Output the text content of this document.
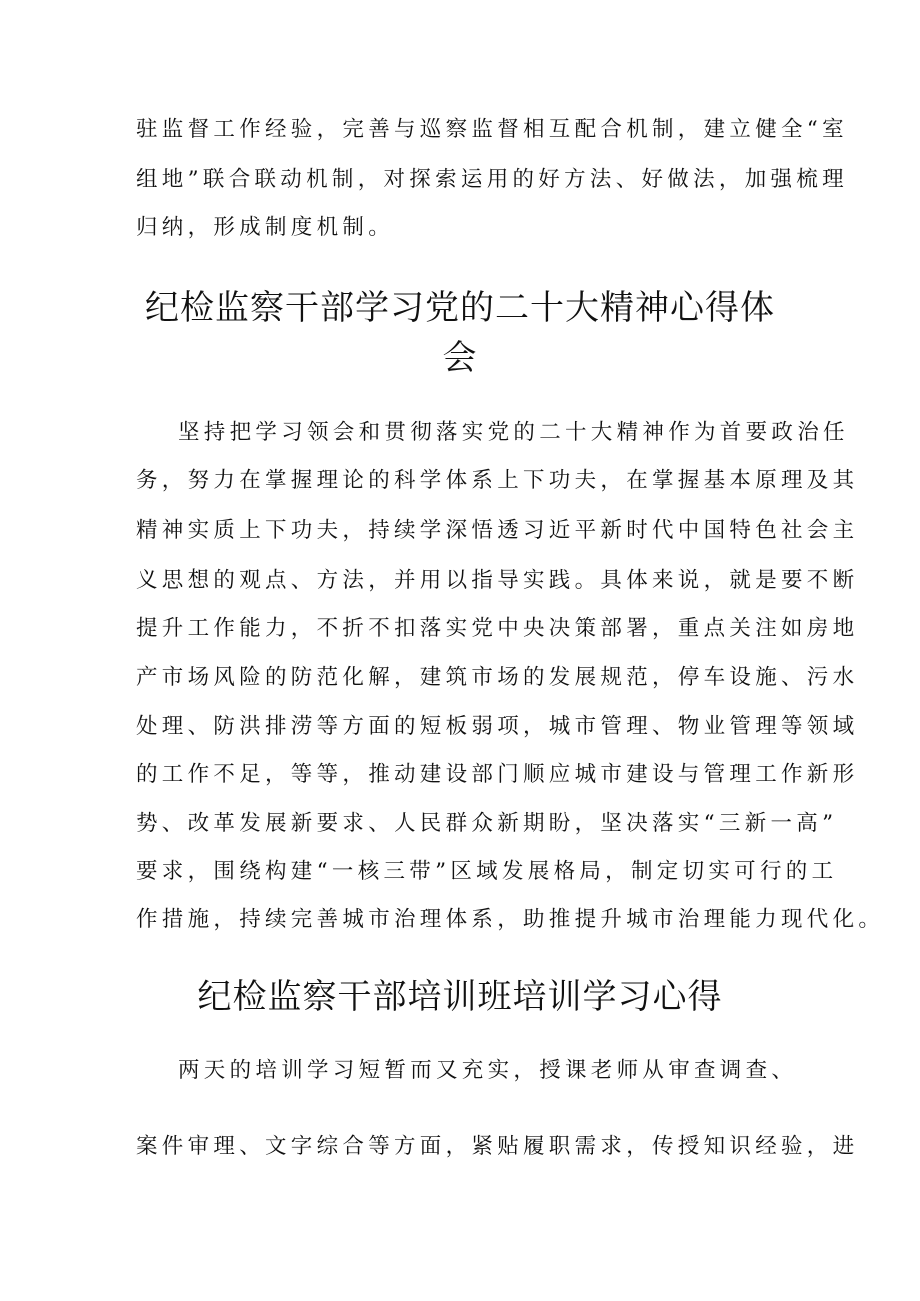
驻监督工作经验，完善与巡察监督相互配合机制，建立健全“室
组地”联合联动机制，对探索运用的好方法、好做法，加强梳理
归纳，形成制度机制。
纪检监察干部学习党的二十大精神心得体
会
坚持把学习领会和贯彻落实党的二十大精神作为首要政治任
务，努力在掌握理论的科学体系上下功夫，在掌握基本原理及其
精神实质上下功夫，持续学深悟透习近平新时代中国特色社会主
义思想的观点、方法，并用以指导实践。具体来说，就是要不断
提升工作能力，不折不扣落实党中央决策部署，重点关注如房地
产市场风险的防范化解，建筑市场的发展规范，停车设施、污水
处理、防洪排涝等方面的短板弱项，城市管理、物业管理等领域
的工作不足，等等，推动建设部门顺应城市建设与管理工作新形
势、改革发展新要求、人民群众新期盼，坚决落实“三新一高”
要求，围绕构建“一核三带”区域发展格局，制定切实可行的工
作措施，持续完善城市治理体系，助推提升城市治理能力现代化。
纪检监察干部培训班培训学习心得
两天的培训学习短暂而又充实，授课老师从审查调查、
案件审理、文字综合等方面，紧贴履职需求，传授知识经验，进
